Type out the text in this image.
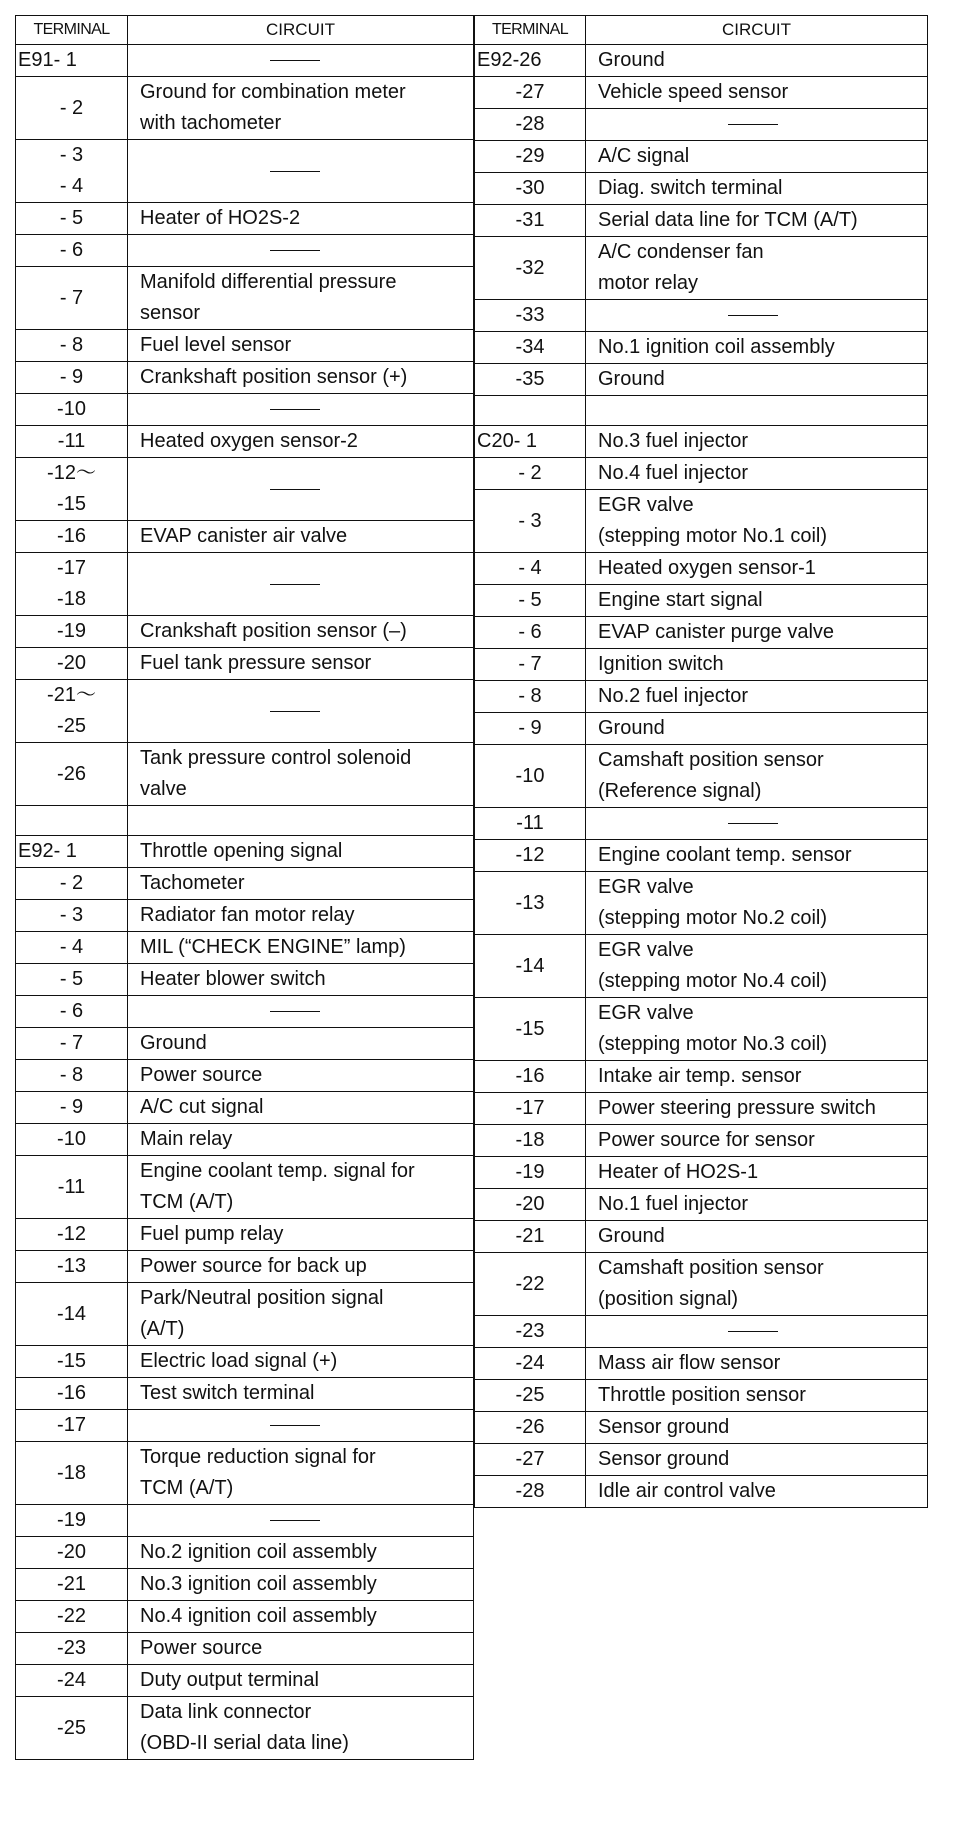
TERMINAL	CIRCUIT
E91- 1	
- 2	Ground for combination meter
with tachometer
- 3
- 4	
- 5	Heater of HO2S-2
- 6	
- 7	Manifold differential pressure
sensor
- 8	Fuel level sensor
- 9	Crankshaft position sensor (+)
-10	
-11	Heated oxygen sensor-2
-12～
-15	
-16	EVAP canister air valve
-17
-18	
-19	Crankshaft position sensor (–)
-20	Fuel tank pressure sensor
-21～
-25	
-26	Tank pressure control solenoid
valve

E92- 1	Throttle opening signal
- 2	Tachometer
- 3	Radiator fan motor relay
- 4	MIL (“CHECK ENGINE” lamp)
- 5	Heater blower switch
- 6	
- 7	Ground
- 8	Power source
- 9	A/C cut signal
-10	Main relay
-11	Engine coolant temp. signal for
TCM (A/T)
-12	Fuel pump relay
-13	Power source for back up
-14	Park/Neutral position signal
(A/T)
-15	Electric load signal (+)
-16	Test switch terminal
-17	
-18	Torque reduction signal for
TCM (A/T)
-19	
-20	No.2 ignition coil assembly
-21	No.3 ignition coil assembly
-22	No.4 ignition coil assembly
-23	Power source
-24	Duty output terminal
-25	Data link connector
(OBD-II serial data line)
TERMINAL	CIRCUIT
E92-26	Ground
-27	Vehicle speed sensor
-28	
-29	A/C signal
-30	Diag. switch terminal
-31	Serial data line for TCM (A/T)
-32	A/C condenser fan
motor relay
-33	
-34	No.1 ignition coil assembly
-35	Ground

C20- 1	No.3 fuel injector
- 2	No.4 fuel injector
- 3	EGR valve
(stepping motor No.1 coil)
- 4	Heated oxygen sensor-1
- 5	Engine start signal
- 6	EVAP canister purge valve
- 7	Ignition switch
- 8	No.2 fuel injector
- 9	Ground
-10	Camshaft position sensor
(Reference signal)
-11	
-12	Engine coolant temp. sensor
-13	EGR valve
(stepping motor No.2 coil)
-14	EGR valve
(stepping motor No.4 coil)
-15	EGR valve
(stepping motor No.3 coil)
-16	Intake air temp. sensor
-17	Power steering pressure switch
-18	Power source for sensor
-19	Heater of HO2S-1
-20	No.1 fuel injector
-21	Ground
-22	Camshaft position sensor
(position signal)
-23	
-24	Mass air flow sensor
-25	Throttle position sensor
-26	Sensor ground
-27	Sensor ground
-28	Idle air control valve
